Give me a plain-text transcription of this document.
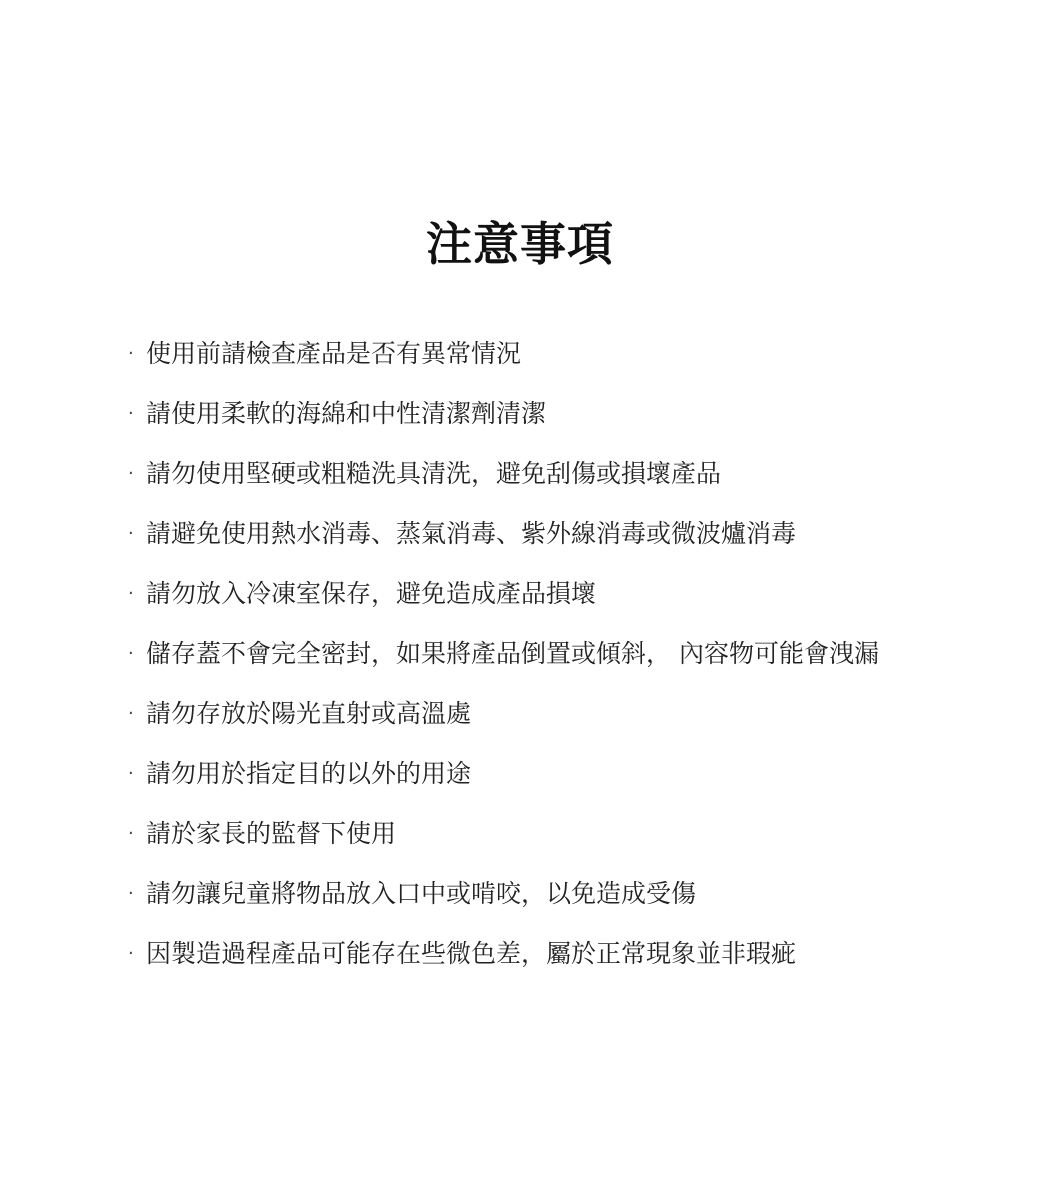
注意事項
· 使用前請檢查產品是否有異常情況
· 請使用柔軟的海綿和中性清潔劑清潔
· 請勿使用堅硬或粗糙洗具清洗，避免刮傷或損壞產品
· 請避免使用熱水消毒、蒸氣消毒、紫外線消毒或微波爐消毒
· 請勿放入冷凍室保存，避免造成產品損壞
· 儲存蓋不會完全密封，如果將產品倒置或傾斜， 內容物可能會洩漏
· 請勿存放於陽光直射或高溫處
· 請勿用於指定目的以外的用途
· 請於家長的監督下使用
· 請勿讓兒童將物品放入口中或啃咬，以免造成受傷
· 因製造過程產品可能存在些微色差，屬於正常現象並非瑕疵
